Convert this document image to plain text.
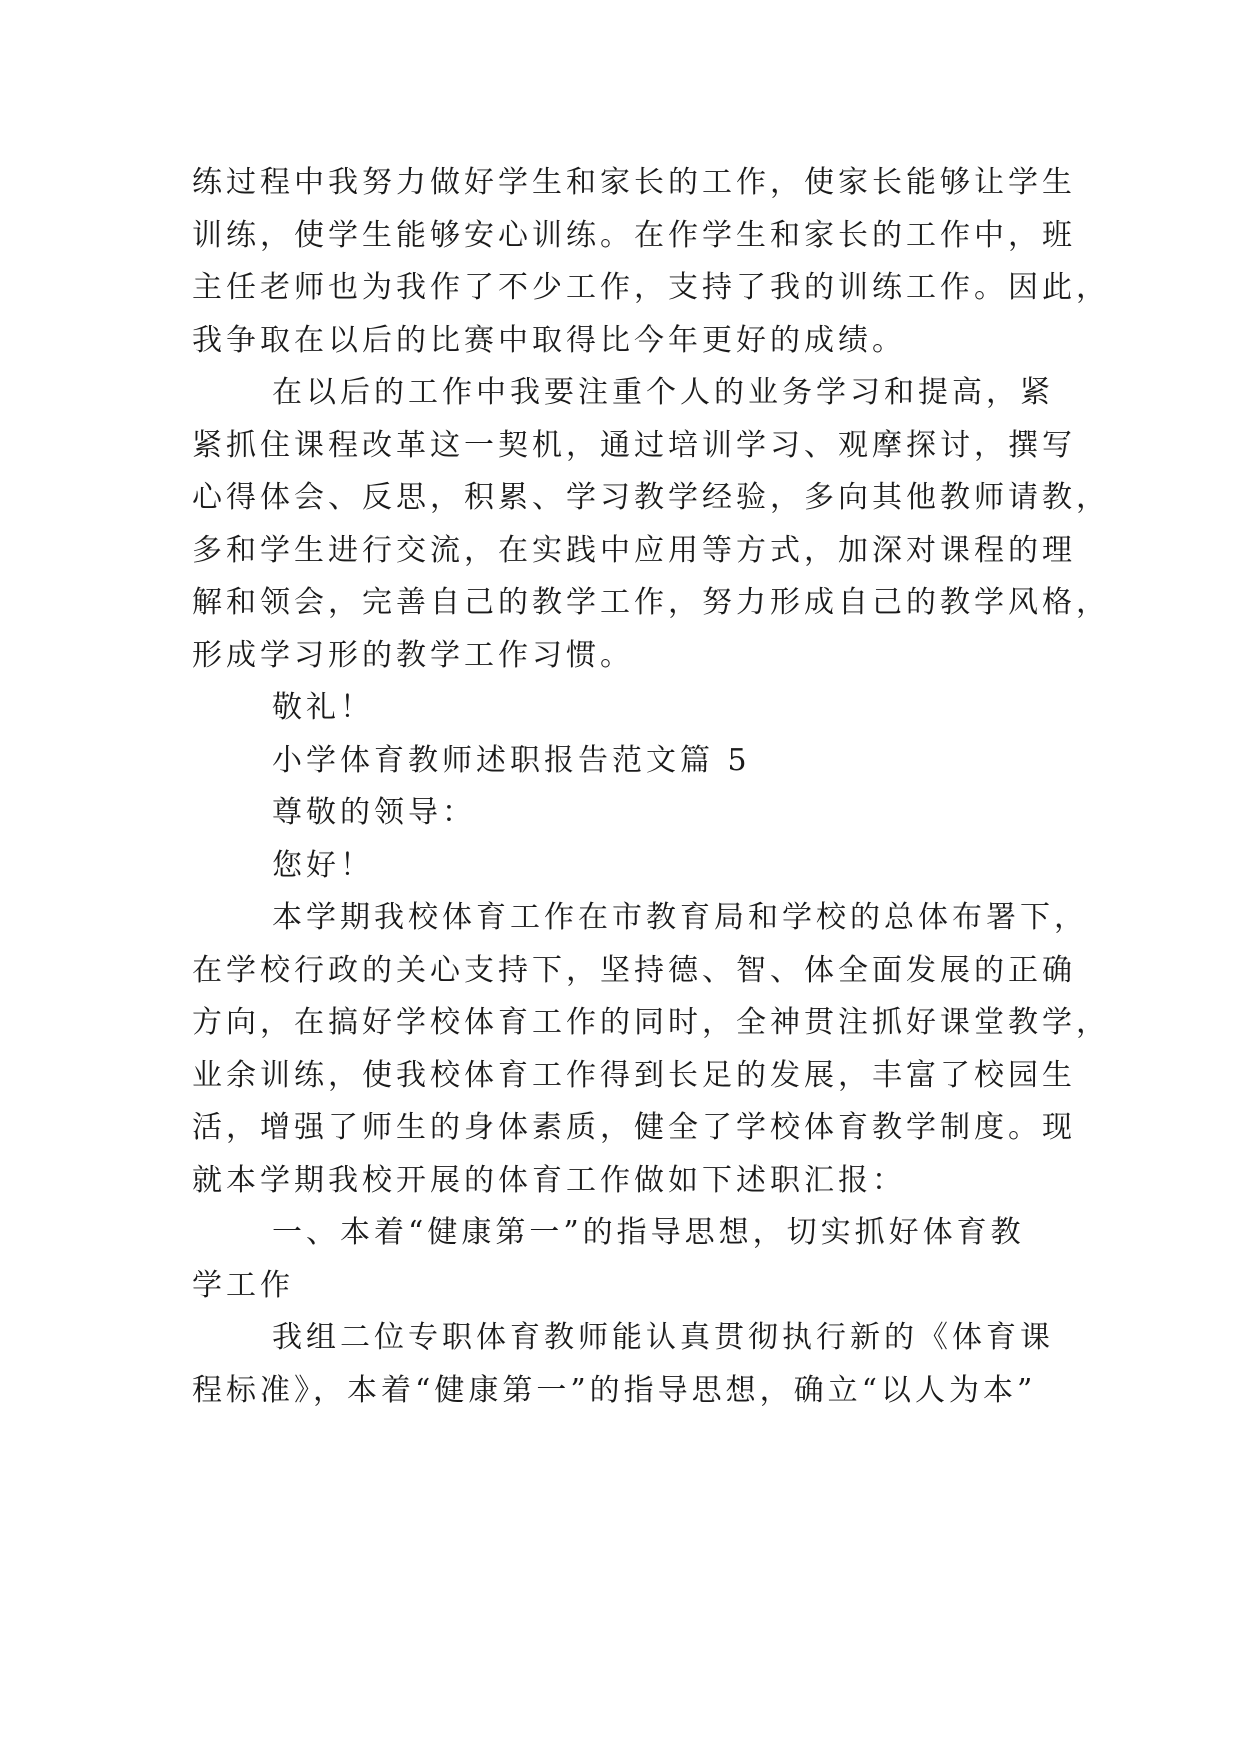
练过程中我努力做好学生和家长的工作，使家长能够让学生
训练，使学生能够安心训练。在作学生和家长的工作中，班
主任老师也为我作了不少工作，支持了我的训练工作。因此，
我争取在以后的比赛中取得比今年更好的成绩。
在以后的工作中我要注重个人的业务学习和提高，紧
紧抓住课程改革这一契机，通过培训学习、观摩探讨，撰写
心得体会、反思，积累、学习教学经验，多向其他教师请教，
多和学生进行交流，在实践中应用等方式，加深对课程的理
解和领会，完善自己的教学工作，努力形成自己的教学风格，
形成学习形的教学工作习惯。
敬礼！
小学体育教师述职报告范文篇 5
尊敬的领导：
您好！
本学期我校体育工作在市教育局和学校的总体布署下，
在学校行政的关心支持下，坚持德、智、体全面发展的正确
方向，在搞好学校体育工作的同时，全神贯注抓好课堂教学，
业余训练，使我校体育工作得到长足的发展，丰富了校园生
活，增强了师生的身体素质，健全了学校体育教学制度。现
就本学期我校开展的体育工作做如下述职汇报：
一、本着“健康第一”的指导思想，切实抓好体育教
学工作
我组二位专职体育教师能认真贯彻执行新的《体育课
程标准》，本着“健康第一”的指导思想，确立“以人为本”
